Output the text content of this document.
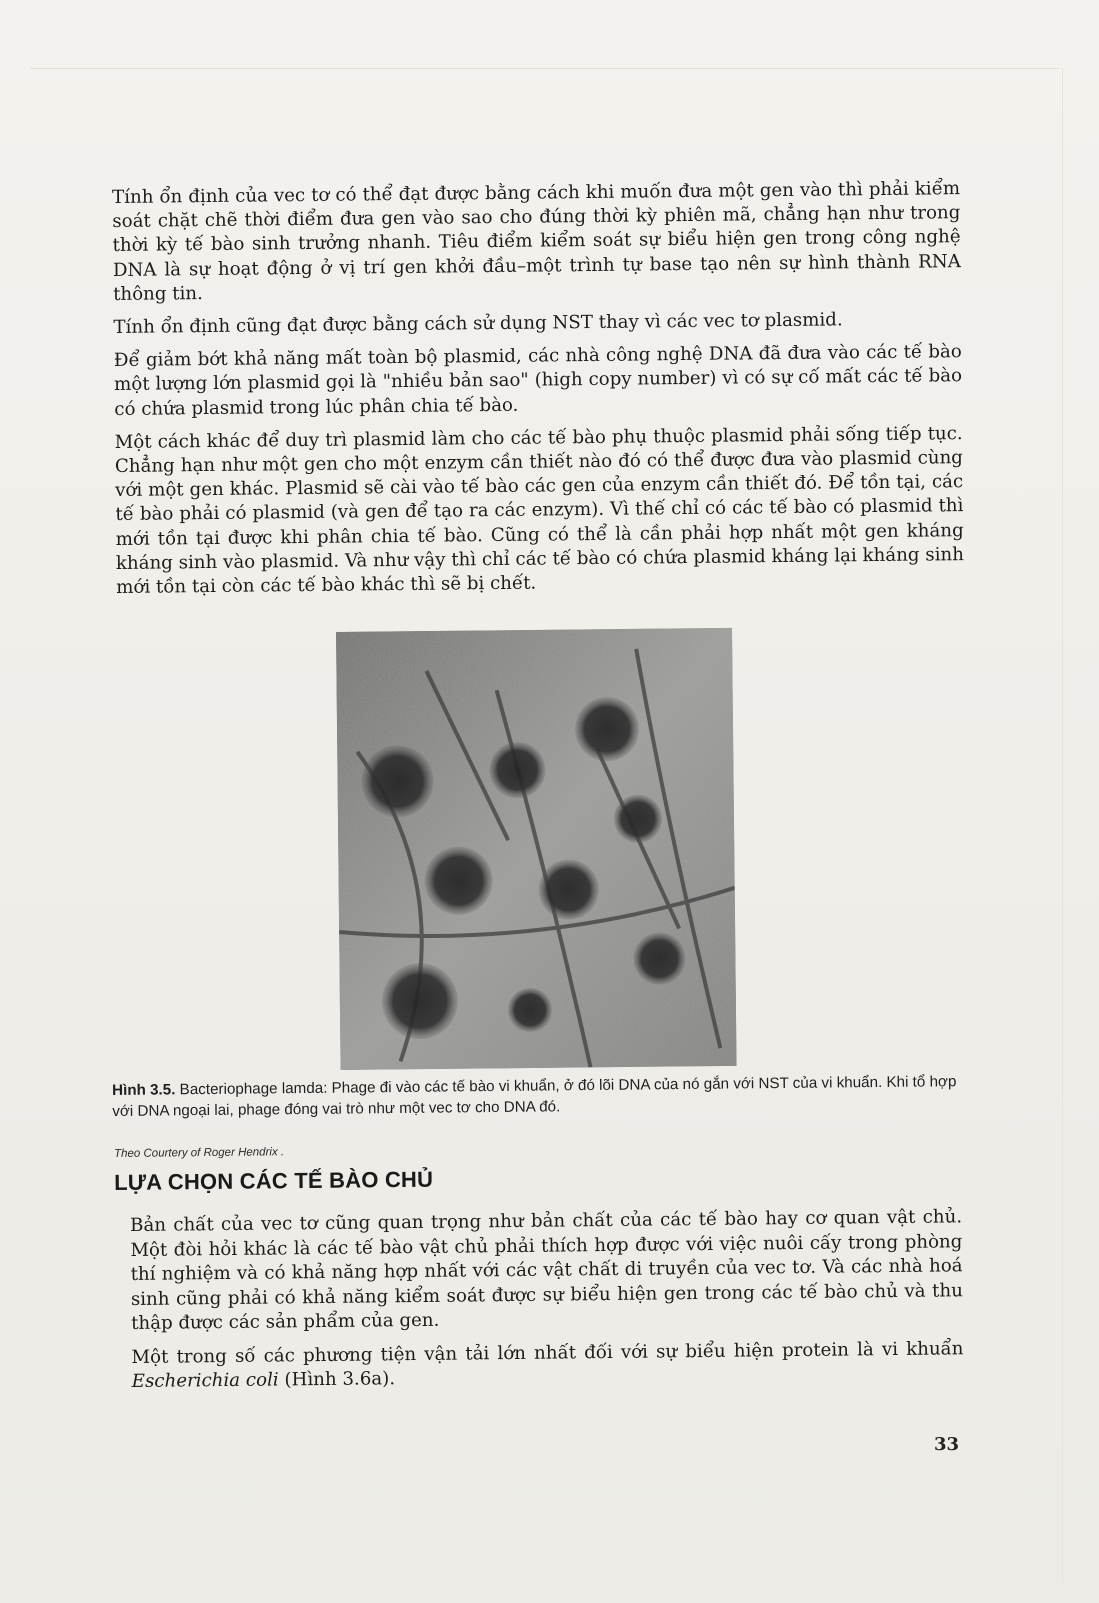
Tính ổn định của vec tơ có thể đạt được bằng cách khi muốn đưa một gen vào thì phải kiểm soát chặt chẽ thời điểm đưa gen vào sao cho đúng thời kỳ phiên mã, chẳng hạn như trong thời kỳ tế bào sinh trưởng nhanh. Tiêu điểm kiểm soát sự biểu hiện gen trong công nghệ DNA là sự hoạt động ở vị trí gen khởi đầu–một trình tự base tạo nên sự hình thành RNA thông tin.

Tính ổn định cũng đạt được bằng cách sử dụng NST thay vì các vec tơ plasmid.

Để giảm bớt khả năng mất toàn bộ plasmid, các nhà công nghệ DNA đã đưa vào các tế bào một lượng lớn plasmid gọi là "nhiều bản sao" (high copy number) vì có sự cố mất các tế bào có chứa plasmid trong lúc phân chia tế bào.

Một cách khác để duy trì plasmid làm cho các tế bào phụ thuộc plasmid phải sống tiếp tục. Chẳng hạn như một gen cho một enzym cần thiết nào đó có thể được đưa vào plasmid cùng với một gen khác. Plasmid sẽ cài vào tế bào các gen của enzym cần thiết đó. Để tồn tại, các tế bào phải có plasmid (và gen để tạo ra các enzym). Vì thế chỉ có các tế bào có plasmid thì mới tồn tại được khi phân chia tế bào. Cũng có thể là cần phải hợp nhất một gen kháng kháng sinh vào plasmid. Và như vậy thì chỉ các tế bào có chứa plasmid kháng lại kháng sinh mới tồn tại còn các tế bào khác thì sẽ bị chết.

Hình 3.5. Bacteriophage lamda: Phage đi vào các tế bào vi khuẩn, ở đó lõi DNA của nó gắn với NST của vi khuẩn. Khi tổ hợp với DNA ngoại lai, phage đóng vai trò như một vec tơ cho DNA đó.
Theo Courtery of Roger Hendrix .
LỰA CHỌN CÁC TẾ BÀO CHỦ

Bản chất của vec tơ cũng quan trọng như bản chất của các tế bào hay cơ quan vật chủ. Một đòi hỏi khác là các tế bào vật chủ phải thích hợp được với việc nuôi cấy trong phòng thí nghiệm và có khả năng hợp nhất với các vật chất di truyền của vec tơ. Và các nhà hoá sinh cũng phải có khả năng kiểm soát được sự biểu hiện gen trong các tế bào chủ và thu thập được các sản phẩm của gen.

Một trong số các phương tiện vận tải lớn nhất đối với sự biểu hiện protein là vi khuẩn Escherichia coli (Hình 3.6a).

33
